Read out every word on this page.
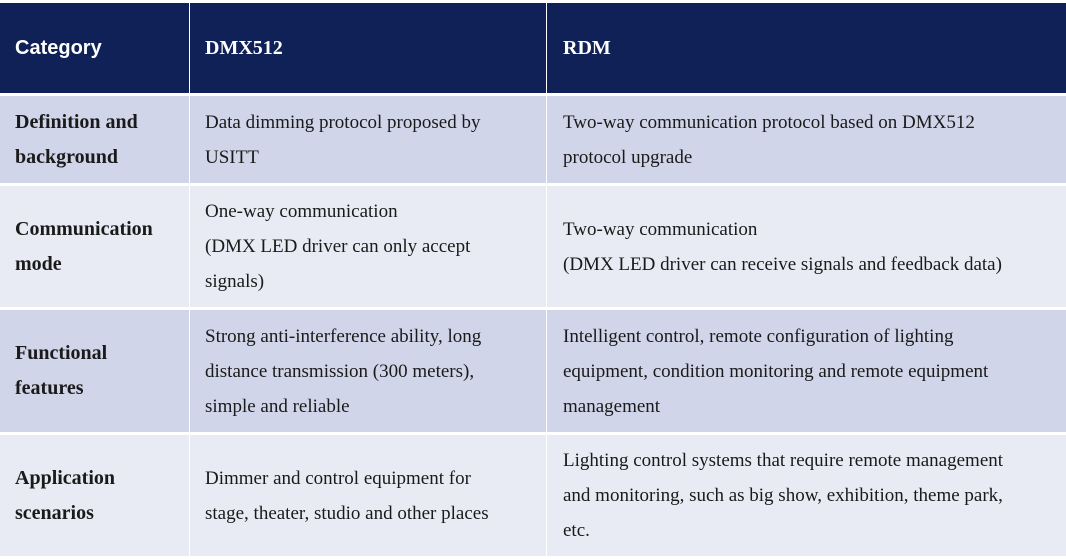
Category	DMX512	RDM
Definition and
background
Data dimming protocol proposed by
USITT
Two-way communication protocol based on DMX512
protocol upgrade
Communication
mode
One-way communication
(DMX LED driver can only accept
signals)
Two-way communication
(DMX LED driver can receive signals and feedback data)
Functional
features
Strong anti-interference ability, long
distance transmission (300 meters),
simple and reliable
Intelligent control, remote configuration of lighting
equipment, condition monitoring and remote equipment
management
Application
scenarios
Dimmer and control equipment for
stage, theater, studio and other places
Lighting control systems that require remote management
and monitoring, such as big show, exhibition, theme park,
etc.
